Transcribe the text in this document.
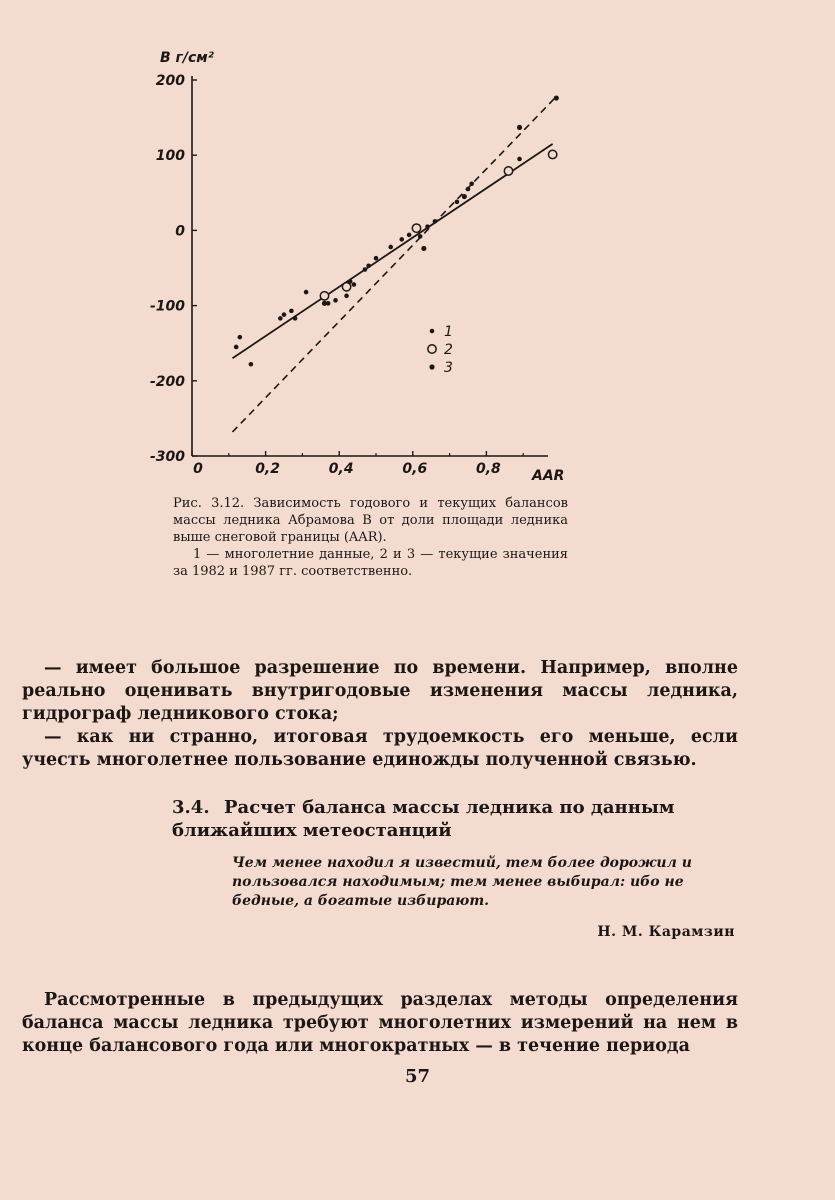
200
100
0
-100
-200
-300
0	0,2	0,4	0,6	0,8
1
2
3
B г/см²
AAR

Рис. 3.12. Зависимость годового и текущих балансов массы ледника Абрамова B от доли площади ледника выше снеговой границы (AAR).

1 — многолетние данные, 2 и 3 — текущие значения за 1982 и 1987 гг. соответственно.

— имеет большое разрешение по времени. Например, вполне реально оценивать внутригодовые изменения массы ледника, гидрограф ледникового стока;

— как ни странно, итоговая трудоемкость его меньше, если учесть многолетнее пользование единожды полученной связью.

3.4. Расчет баланса массы ледника по данным ближайших метеостанций
Чем менее находил я известий, тем более дорожил и пользовался находимым; тем менее выбирал: ибо не бедные, а богатые избирают.
Н. М. Карамзин

Рассмотренные в предыдущих разделах методы определения баланса массы ледника требуют многолетних измерений на нем в конце балансового года или многократных — в течение периода

57
